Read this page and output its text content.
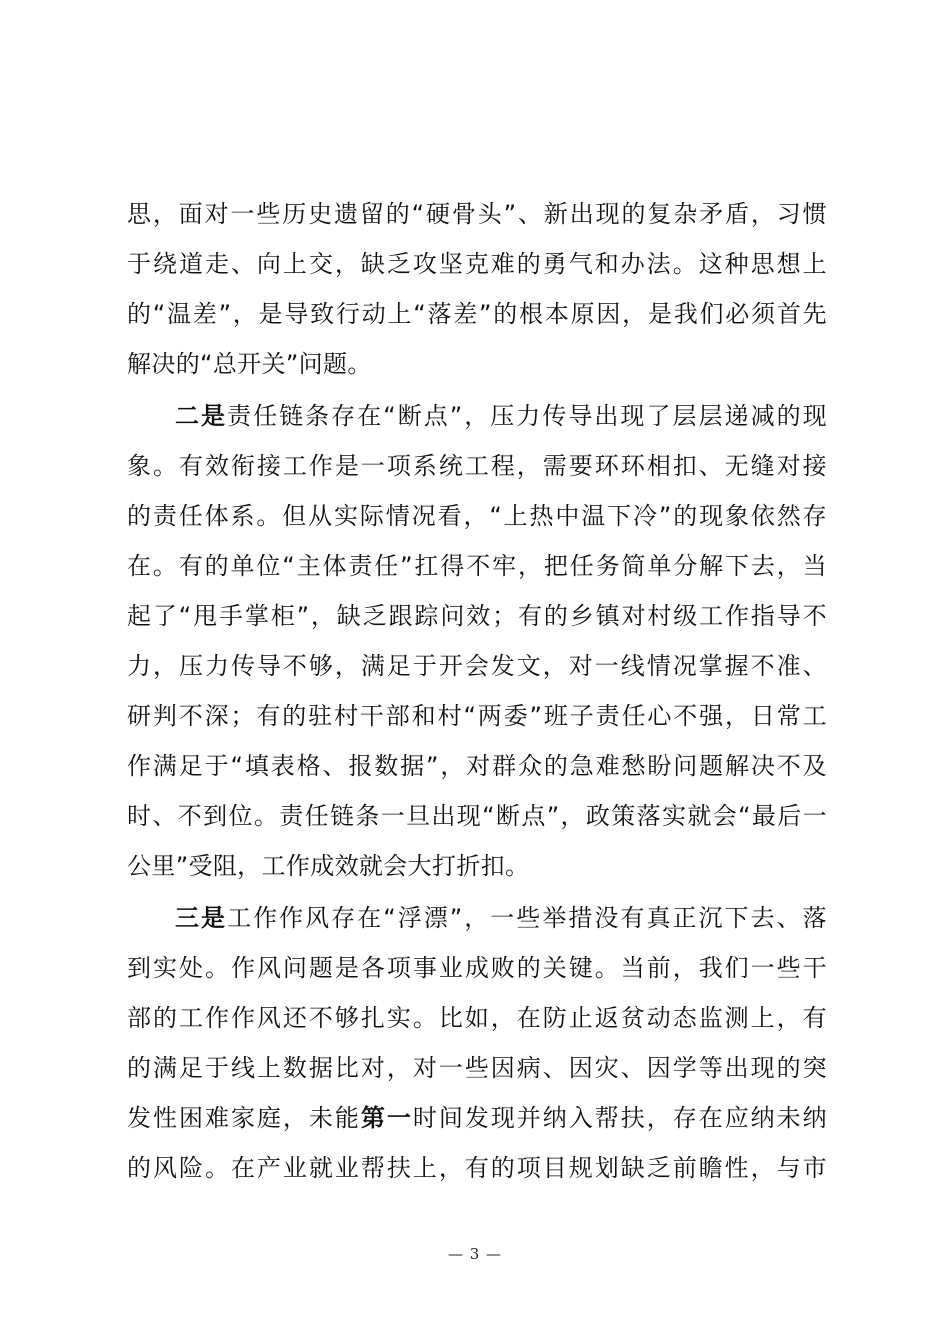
思，面对一些历史遗留的“硬骨头”、新出现的复杂矛盾，习惯
于绕道走、向上交，缺乏攻坚克难的勇气和办法。这种思想上
的“温差”，是导致行动上“落差”的根本原因，是我们必须首先
解决的“总开关”问题。
二是责任链条存在“断点”，压力传导出现了层层递减的现
象。有效衔接工作是一项系统工程，需要环环相扣、无缝对接
的责任体系。但从实际情况看，“上热中温下冷”的现象依然存
在。有的单位“主体责任”扛得不牢，把任务简单分解下去，当
起了“甩手掌柜”，缺乏跟踪问效；有的乡镇对村级工作指导不
力，压力传导不够，满足于开会发文，对一线情况掌握不准、
研判不深；有的驻村干部和村“两委”班子责任心不强，日常工
作满足于“填表格、报数据”，对群众的急难愁盼问题解决不及
时、不到位。责任链条一旦出现“断点”，政策落实就会“最后一
公里”受阻，工作成效就会大打折扣。
三是工作作风存在“浮漂”，一些举措没有真正沉下去、落
到实处。作风问题是各项事业成败的关键。当前，我们一些干
部的工作作风还不够扎实。比如，在防止返贫动态监测上，有
的满足于线上数据比对，对一些因病、因灾、因学等出现的突
发性困难家庭，未能第一时间发现并纳入帮扶，存在应纳未纳
的风险。在产业就业帮扶上，有的项目规划缺乏前瞻性，与市
— 3 —
